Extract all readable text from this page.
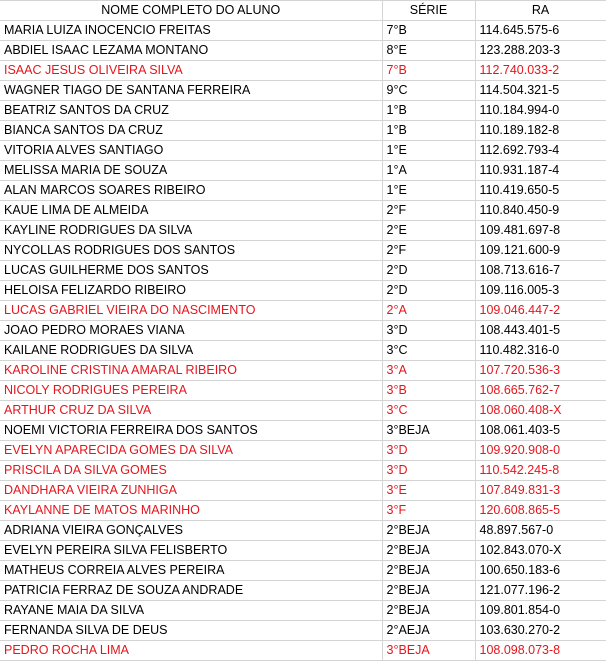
NOME COMPLETO DO ALUNO	SÉRIE	RA
MARIA LUIZA INOCENCIO FREITAS	7°B	114.645.575-6
ABDIEL ISAAC LEZAMA MONTANO	8°E	123.288.203-3
ISAAC JESUS OLIVEIRA SILVA	7°B	112.740.033-2
WAGNER TIAGO DE SANTANA FERREIRA	9°C	114.504.321-5
BEATRIZ SANTOS DA CRUZ	1°B	110.184.994-0
BIANCA SANTOS DA CRUZ	1°B	110.189.182-8
VITORIA ALVES SANTIAGO	1°E	112.692.793-4
MELISSA MARIA DE SOUZA	1°A	110.931.187-4
ALAN MARCOS SOARES RIBEIRO	1°E	110.419.650-5
KAUE LIMA DE ALMEIDA	2°F	110.840.450-9
KAYLINE RODRIGUES DA SILVA	2°E	109.481.697-8
NYCOLLAS RODRIGUES DOS SANTOS	2°F	109.121.600-9
LUCAS GUILHERME DOS SANTOS	2°D	108.713.616-7
HELOISA FELIZARDO RIBEIRO	2°D	109.116.005-3
LUCAS GABRIEL VIEIRA DO NASCIMENTO	2°A	109.046.447-2
JOAO PEDRO MORAES VIANA	3°D	108.443.401-5
KAILANE RODRIGUES DA SILVA	3°C	110.482.316-0
KAROLINE CRISTINA AMARAL RIBEIRO	3°A	107.720.536-3
NICOLY RODRIGUES PEREIRA	3°B	108.665.762-7
ARTHUR CRUZ DA SILVA	3°C	108.060.408-X
NOEMI VICTORIA FERREIRA DOS SANTOS	3°BEJA	108.061.403-5
EVELYN APARECIDA GOMES DA SILVA	3°D	109.920.908-0
PRISCILA DA SILVA GOMES	3°D	110.542.245-8
DANDHARA VIEIRA ZUNHIGA	3°E	107.849.831-3
KAYLANNE DE MATOS MARINHO	3°F	120.608.865-5
ADRIANA VIEIRA GONÇALVES	2°BEJA	48.897.567-0
EVELYN PEREIRA SILVA FELISBERTO	2°BEJA	102.843.070-X
MATHEUS CORREIA ALVES PEREIRA	2°BEJA	100.650.183-6
PATRICIA FERRAZ DE SOUZA ANDRADE	2°BEJA	121.077.196-2
RAYANE MAIA DA SILVA	2°BEJA	109.801.854-0
FERNANDA SILVA DE DEUS	2°AEJA	103.630.270-2
PEDRO ROCHA LIMA	3°BEJA	108.098.073-8
